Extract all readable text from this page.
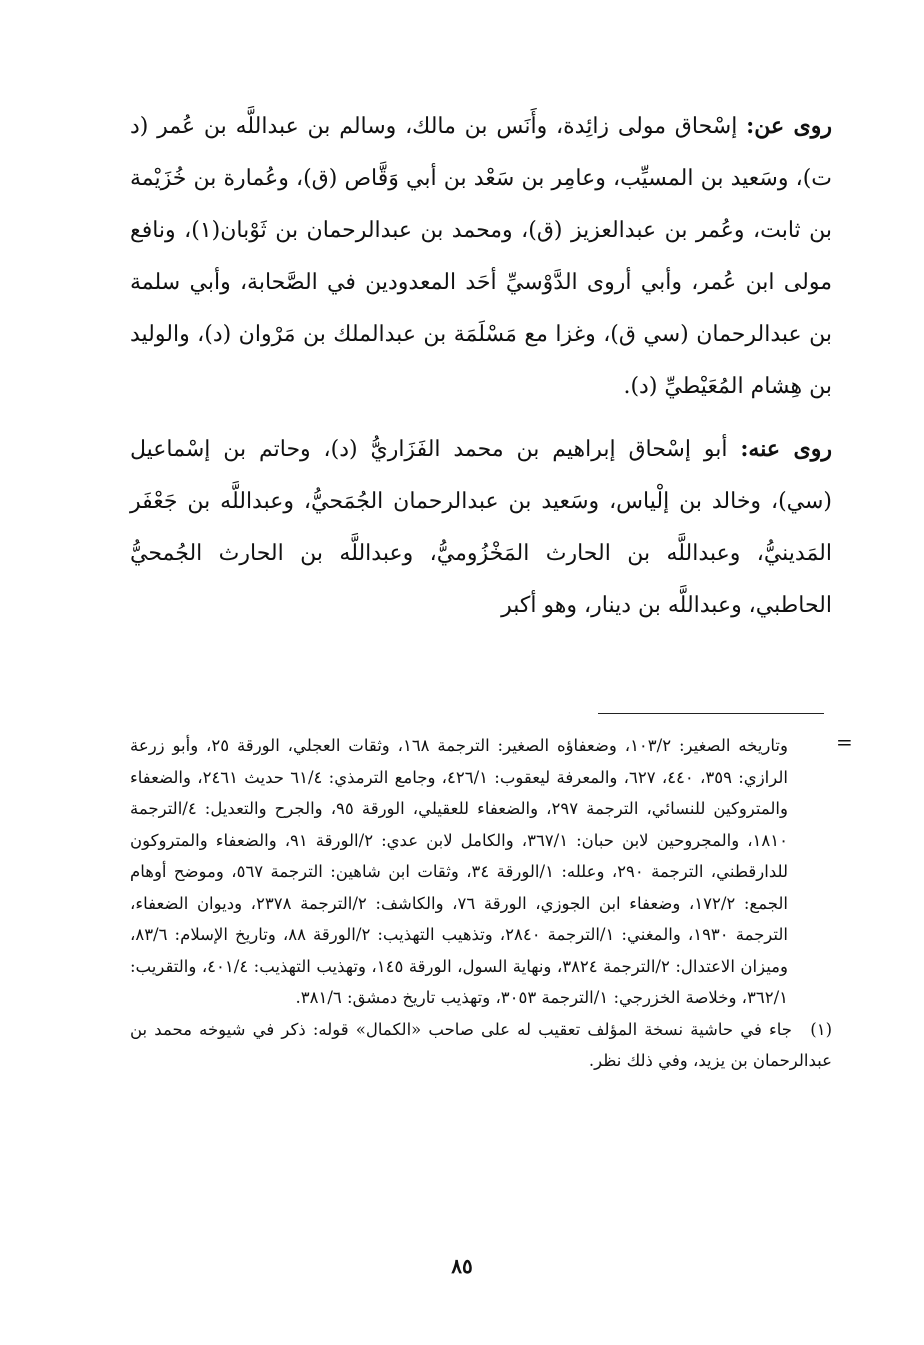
روى عن: إسْحاق مولى زائِدة، وأَنَس بن مالك، وسالم بن عبداللَّه بن عُمر (د ت)، وسَعيد بن المسيِّب، وعامِر بن سَعْد بن أبي وَقَّاص (ق)، وعُمارة بن خُزَيْمة بن ثابت، وعُمر بن عبدالعزيز (ق)، ومحمد بن عبدالرحمان بن ثَوْبان(١)، ونافع مولى ابن عُمر، وأبي أروى الدَّوْسيِّ أحَد المعدودين في الصَّحابة، وأبي سلمة بن عبدالرحمان (سي ق)، وغزا مع مَسْلَمَة بن عبدالملك بن مَرْوان (د)، والوليد بن هِشام المُعَيْطيِّ (د).

روى عنه: أبو إسْحاق إبراهيم بن محمد الفَزَاريُّ (د)، وحاتم بن إسْماعيل (سي)، وخالد بن إلْياس، وسَعيد بن عبدالرحمان الجُمَحيُّ، وعبداللَّه بن جَعْفَر المَدينيُّ، وعبداللَّه بن الحارث المَخْزُوميُّ، وعبداللَّه بن الحارث الجُمحيُّ الحاطبي، وعبداللَّه بن دينار، وهو أكبر

=

وتاريخه الصغير: ١٠٣/٢، وضعفاؤه الصغير: الترجمة ١٦٨، وثقات العجلي، الورقة ٢٥، وأبو زرعة الرازي: ٣٥٩، ٤٤٠، ٦٢٧، والمعرفة ليعقوب: ٤٢٦/١، وجامع الترمذي: ٦١/٤ حديث ٢٤٦١، والضعفاء والمتروكين للنسائي، الترجمة ٢٩٧، والضعفاء للعقيلي، الورقة ٩٥، والجرح والتعديل: ٤/الترجمة ١٨١٠، والمجروحين لابن حبان: ٣٦٧/١، والكامل لابن عدي: ٢/الورقة ٩١، والضعفاء والمتروكون للدارقطني، الترجمة ٢٩٠، وعلله: ١/الورقة ٣٤، وثقات ابن شاهين: الترجمة ٥٦٧، وموضح أوهام الجمع: ١٧٢/٢، وضعفاء ابن الجوزي، الورقة ٧٦، والكاشف: ٢/الترجمة ٢٣٧٨، وديوان الضعفاء، الترجمة ١٩٣٠، والمغني: ١/الترجمة ٢٨٤٠، وتذهيب التهذيب: ٢/الورقة ٨٨، وتاريخ الإسلام: ٨٣/٦، وميزان الاعتدال: ٢/الترجمة ٣٨٢٤، ونهاية السول، الورقة ١٤٥، وتهذيب التهذيب: ٤٠١/٤، والتقريب: ٣٦٢/١، وخلاصة الخزرجي: ١/الترجمة ٣٠٥٣، وتهذيب تاريخ دمشق: ٣٨١/٦.

(١)جاء في حاشية نسخة المؤلف تعقيب له على صاحب «الكمال» قوله: ذكر في شيوخه محمد بن عبدالرحمان بن يزيد، وفي ذلك نظر.

٨٥
